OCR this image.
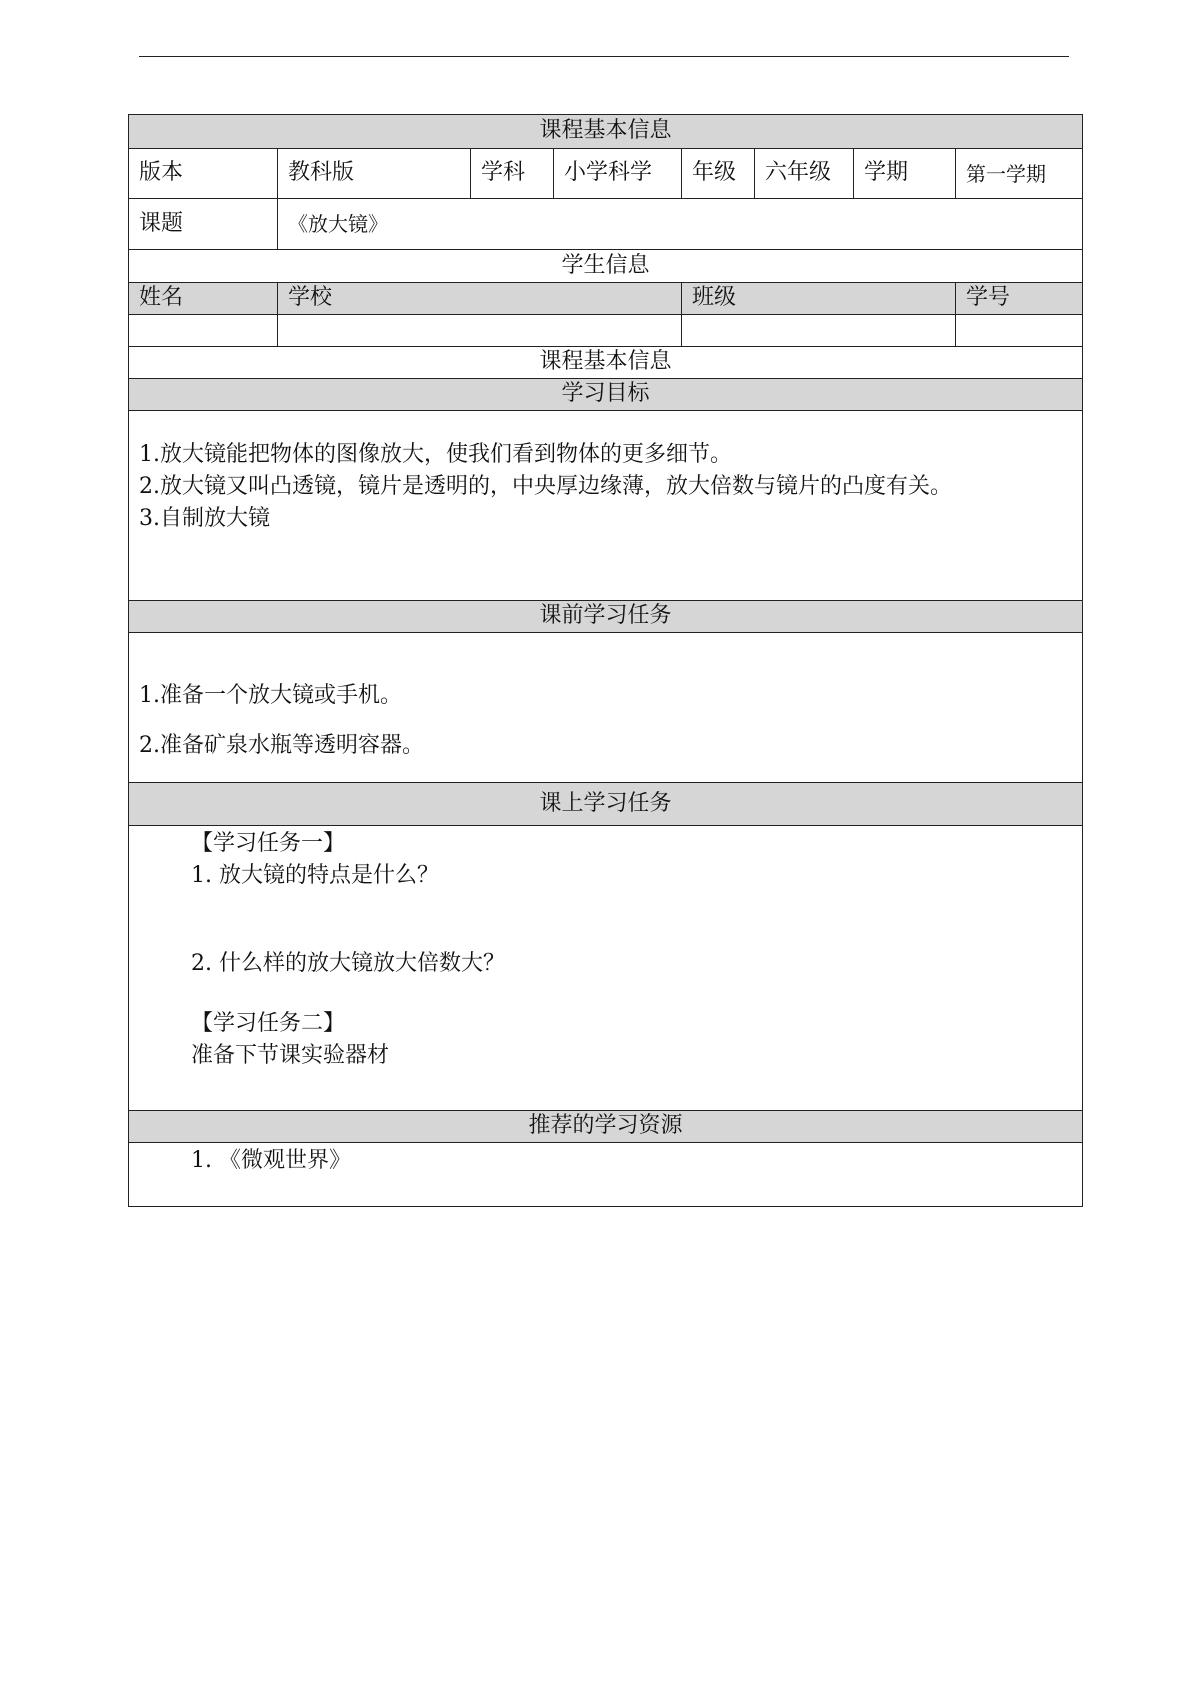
课程基本信息							
版本	教科版	学科	小学科学	年级	六年级	学期	第一学期
课题	《放大镜》						
学生信息							
姓名	学校			班级			学号

课程基本信息							
学习目标							

1.放大镜能把物体的图像放大，使我们看到物体的更多细节。

2.放大镜又叫凸透镜，镜片是透明的，中央厚边缘薄，放大倍数与镜片的凸度有关。

3.自制放大镜							

课前学习任务							

1.准备一个放大镜或手机。

2.准备矿泉水瓶等透明容器。							

课上学习任务							

【学习任务一】

1. 放大镜的特点是什么？

2. 什么样的放大镜放大倍数大？

【学习任务二】

准备下节课实验器材							

推荐的学习资源							

1. 《微观世界》							
